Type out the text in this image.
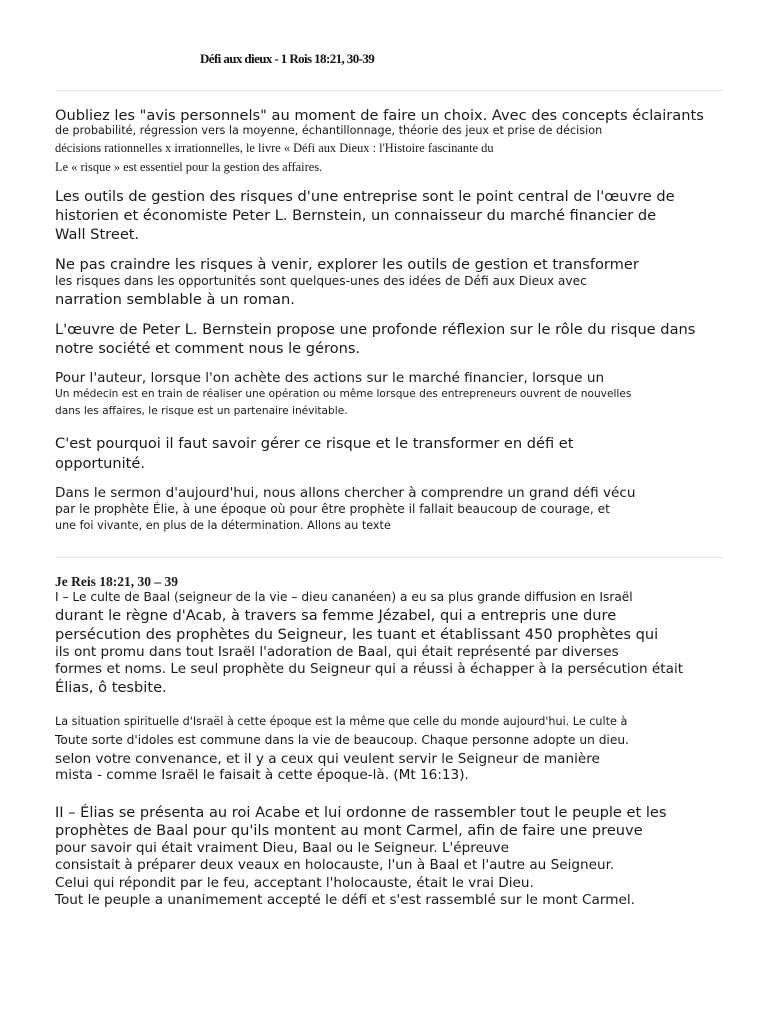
Défi aux dieux - 1 Rois 18:21, 30-39
Oubliez les "avis personnels" au moment de faire un choix. Avec des concepts éclairants
de probabilité, régression vers la moyenne, échantillonnage, théorie des jeux et prise de décision
décisions rationnelles x irrationnelles, le livre « Défi aux Dieux : l'Histoire fascinante du
Le « risque » est essentiel pour la gestion des affaires.
Les outils de gestion des risques d'une entreprise sont le point central de l'œuvre de
historien et économiste Peter L. Bernstein, un connaisseur du marché financier de
Wall Street.
Ne pas craindre les risques à venir, explorer les outils de gestion et transformer
les risques dans les opportunités sont quelques-unes des idées de Défi aux Dieux avec
narration semblable à un roman.
L'œuvre de Peter L. Bernstein propose une profonde réflexion sur le rôle du risque dans
notre société et comment nous le gérons.
Pour l'auteur, lorsque l'on achète des actions sur le marché financier, lorsque un
Un médecin est en train de réaliser une opération ou même lorsque des entrepreneurs ouvrent de nouvelles
dans les affaires, le risque est un partenaire inévitable.
C'est pourquoi il faut savoir gérer ce risque et le transformer en défi et
opportunité.
Dans le sermon d'aujourd'hui, nous allons chercher à comprendre un grand défi vécu
par le prophète Élie, à une époque où pour être prophète il fallait beaucoup de courage, et
une foi vivante, en plus de la détermination. Allons au texte
Je Reis 18:21, 30 – 39
I – Le culte de Baal (seigneur de la vie – dieu cananéen) a eu sa plus grande diffusion en Israël
durant le règne d'Acab, à travers sa femme Jézabel, qui a entrepris une dure
persécution des prophètes du Seigneur, les tuant et établissant 450 prophètes qui
ils ont promu dans tout Israël l'adoration de Baal, qui était représenté par diverses
formes et noms. Le seul prophète du Seigneur qui a réussi à échapper à la persécution était
Élias, ô tesbite.
La situation spirituelle d'Israël à cette époque est la même que celle du monde aujourd'hui. Le culte à
Toute sorte d'idoles est commune dans la vie de beaucoup. Chaque personne adopte un dieu.
selon votre convenance, et il y a ceux qui veulent servir le Seigneur de manière
mista - comme Israël le faisait à cette époque-là. (Mt 16:13).
II – Élias se présenta au roi Acabe et lui ordonne de rassembler tout le peuple et les
prophètes de Baal pour qu'ils montent au mont Carmel, afin de faire une preuve
pour savoir qui était vraiment Dieu, Baal ou le Seigneur. L'épreuve
consistait à préparer deux veaux en holocauste, l'un à Baal et l'autre au Seigneur.
Celui qui répondit par le feu, acceptant l'holocauste, était le vrai Dieu.
Tout le peuple a unanimement accepté le défi et s'est rassemblé sur le mont Carmel.
